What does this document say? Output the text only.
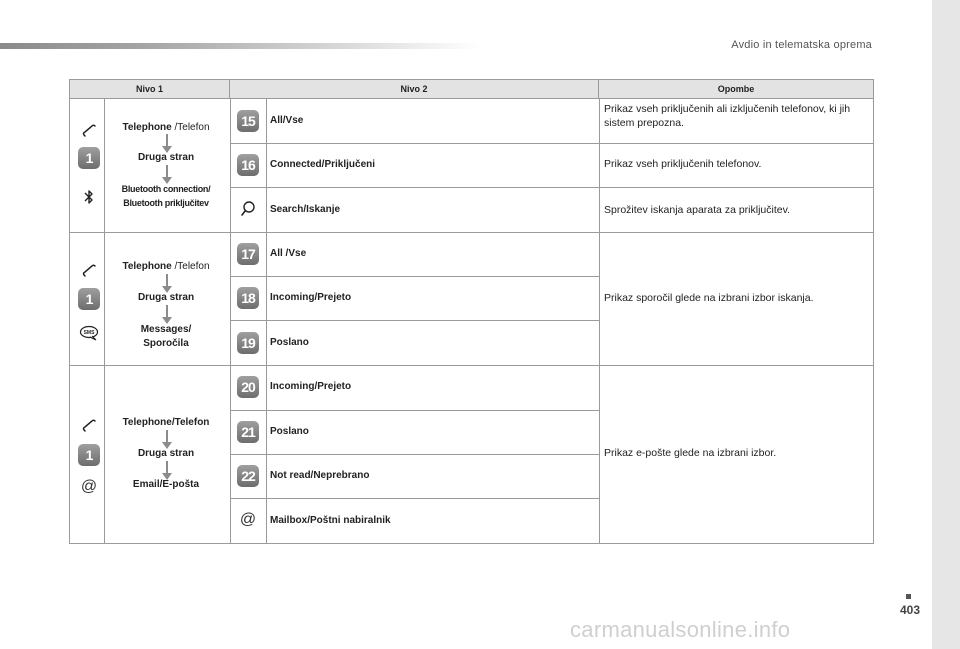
Avdio in telematska oprema
Nivo 1	Nivo 2	Opombe
1
Telephone /Telefon
Druga stran
Bluetooth connection/
Bluetooth priključitev
15	All/Vse
Prikaz vseh priključenih ali izključenih telefonov, ki jih sistem prepozna.
16	Connected/Priključeni	Prikaz vseh priključenih telefonov.
Search/Iskanje	Sprožitev iskanja aparata za priključitev.
1
SMS
Telephone /Telefon
Druga stran
Messages/
Sporočila
17	All /Vse
18	Incoming/Prejeto
19	Poslano
Prikaz sporočil glede na izbrani izbor iskanja.
1
@
Telephone/Telefon
Druga stran
Email/E-pošta
20	Incoming/Prejeto
21	Poslano
22	Not read/Neprebrano
@ Mailbox/Poštni nabiralnik
Prikaz e-pošte glede na izbrani izbor.
403
carmanualsonline.info
